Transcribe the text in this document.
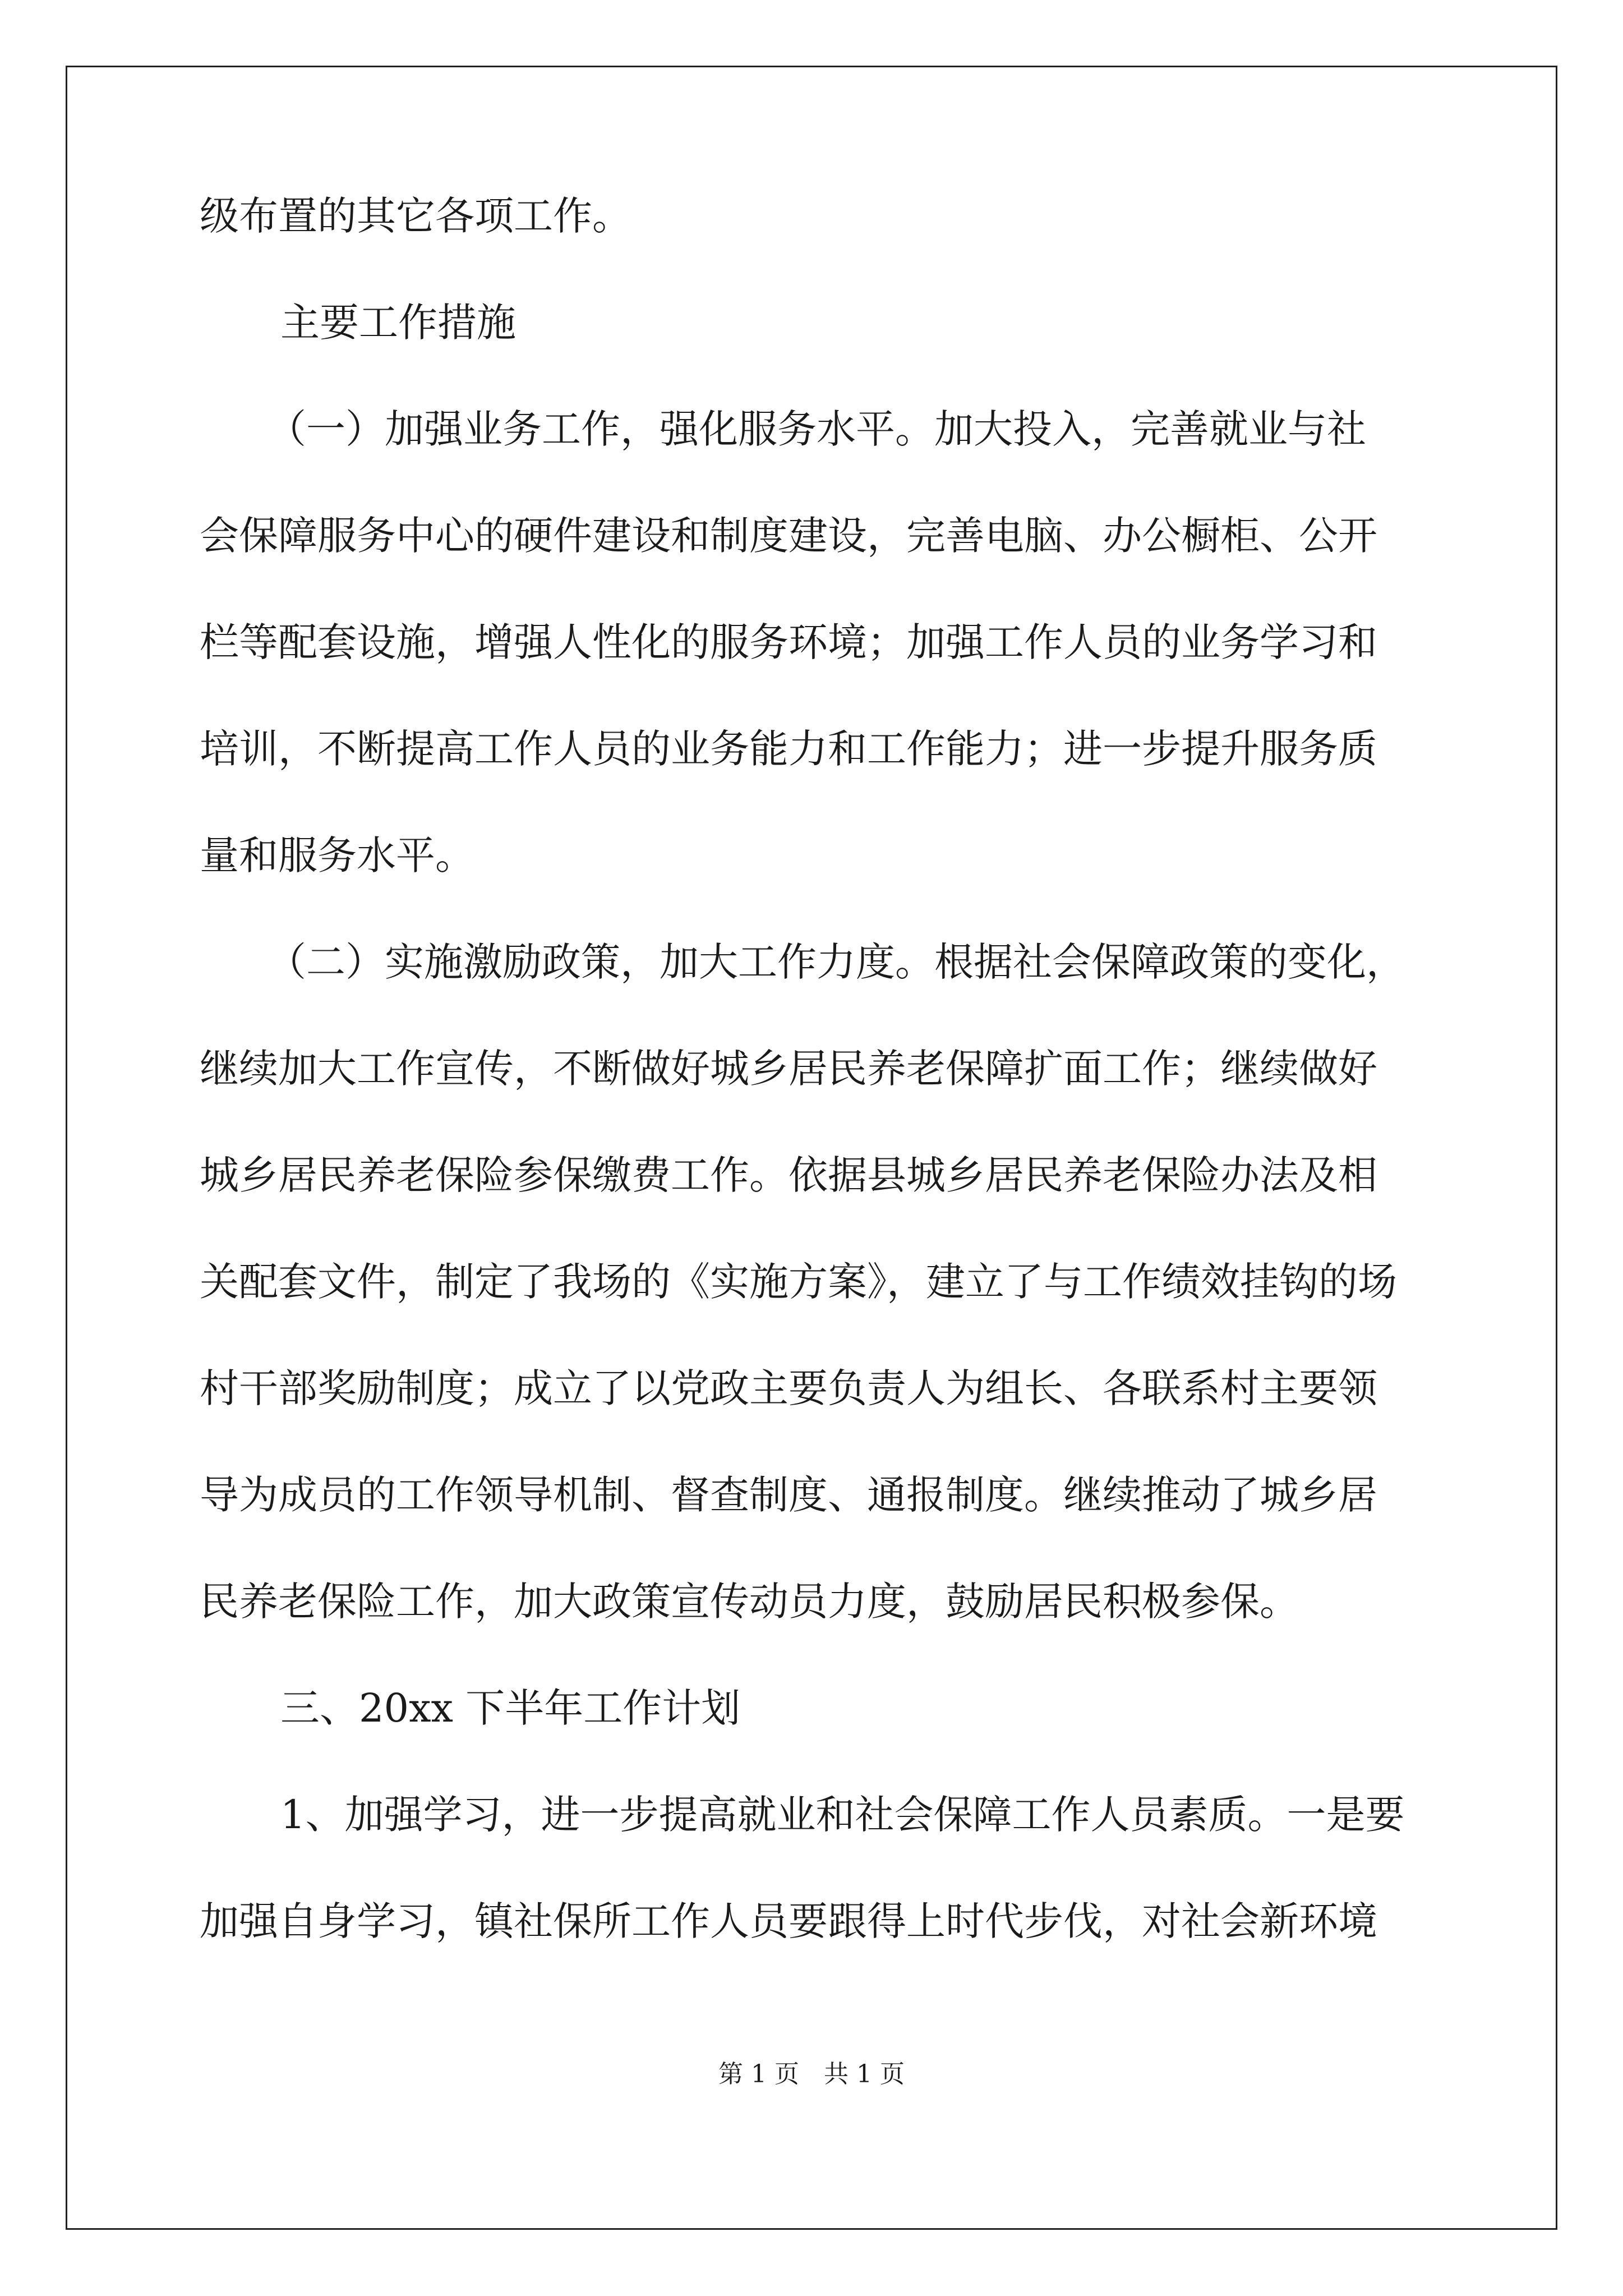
级布置的其它各项工作。
主要工作措施
（一）加强业务工作，强化服务水平。加大投入，完善就业与社
会保障服务中心的硬件建设和制度建设，完善电脑、办公橱柜、公开
栏等配套设施，增强人性化的服务环境；加强工作人员的业务学习和
培训，不断提高工作人员的业务能力和工作能力；进一步提升服务质
量和服务水平。
（二）实施激励政策，加大工作力度。根据社会保障政策的变化，
继续加大工作宣传，不断做好城乡居民养老保障扩面工作；继续做好
城乡居民养老保险参保缴费工作。依据县城乡居民养老保险办法及相
关配套文件，制定了我场的《实施方案》，建立了与工作绩效挂钩的场
村干部奖励制度；成立了以党政主要负责人为组长、各联系村主要领
导为成员的工作领导机制、督查制度、通报制度。继续推动了城乡居
民养老保险工作，加大政策宣传动员力度，鼓励居民积极参保。
三、20xx 下半年工作计划
1、加强学习，进一步提高就业和社会保障工作人员素质。一是要
加强自身学习，镇社保所工作人员要跟得上时代步伐，对社会新环境
第 1 页　共 1 页
